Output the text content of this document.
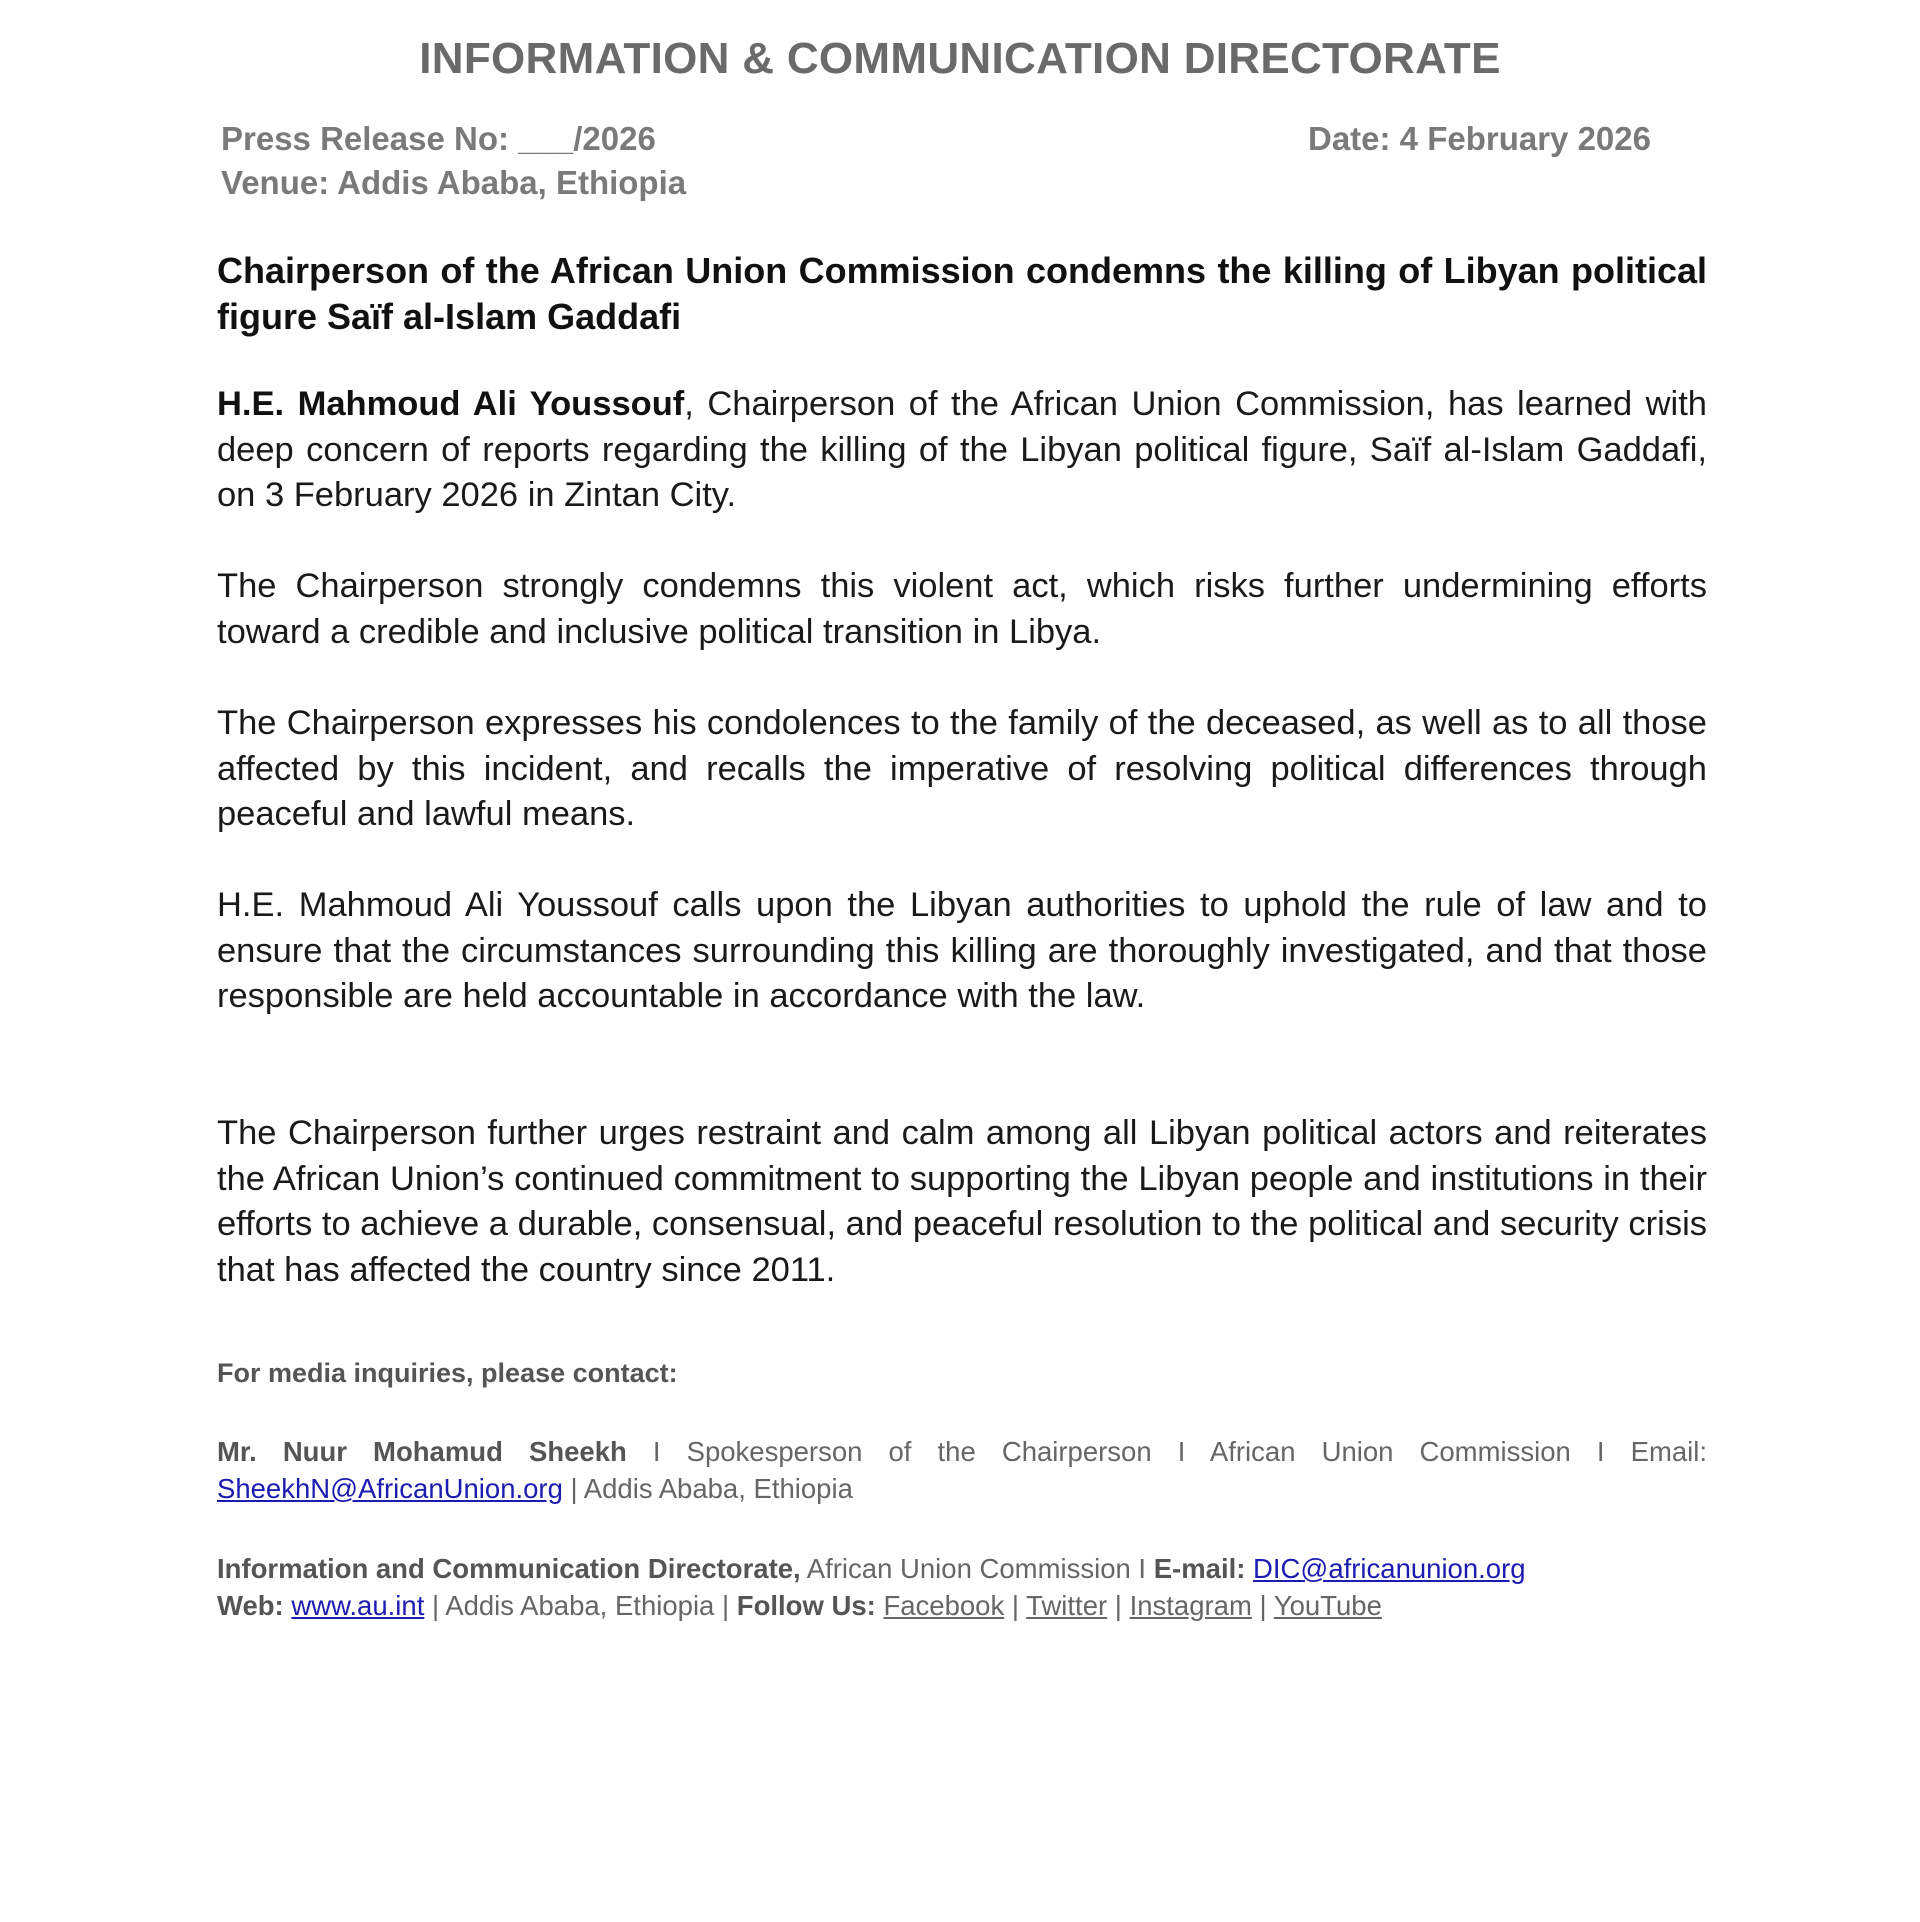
INFORMATION & COMMUNICATION DIRECTORATE
Press Release No: ___/2026	Date: 4 February 2026
Venue: Addis Ababa, Ethiopia
Chairperson of the African Union Commission condemns the killing of Libyan political figure Saïf al-Islam Gaddafi
H.E. Mahmoud Ali Youssouf, Chairperson of the African Union Commission, has learned with deep concern of reports regarding the killing of the Libyan political figure, Saïf al-Islam Gaddafi, on 3 February 2026 in Zintan City.
The Chairperson strongly condemns this violent act, which risks further undermining efforts toward a credible and inclusive political transition in Libya.
The Chairperson expresses his condolences to the family of the deceased, as well as to all those affected by this incident, and recalls the imperative of resolving political differences through peaceful and lawful means.
H.E. Mahmoud Ali Youssouf calls upon the Libyan authorities to uphold the rule of law and to ensure that the circumstances surrounding this killing are thoroughly investigated, and that those responsible are held accountable in accordance with the law.
The Chairperson further urges restraint and calm among all Libyan political actors and reiterates the African Union’s continued commitment to supporting the Libyan people and institutions in their efforts to achieve a durable, consensual, and peaceful resolution to the political and security crisis that has affected the country since 2011.
For media inquiries, please contact:
Mr. Nuur Mohamud Sheekh I Spokesperson of the Chairperson I African Union Commission I Email: SheekhN@AfricanUnion.org | Addis Ababa, Ethiopia
Information and Communication Directorate, African Union Commission I E-mail: DIC@africanunion.org
Web: www.au.int | Addis Ababa, Ethiopia | Follow Us: Facebook | Twitter | Instagram | YouTube
